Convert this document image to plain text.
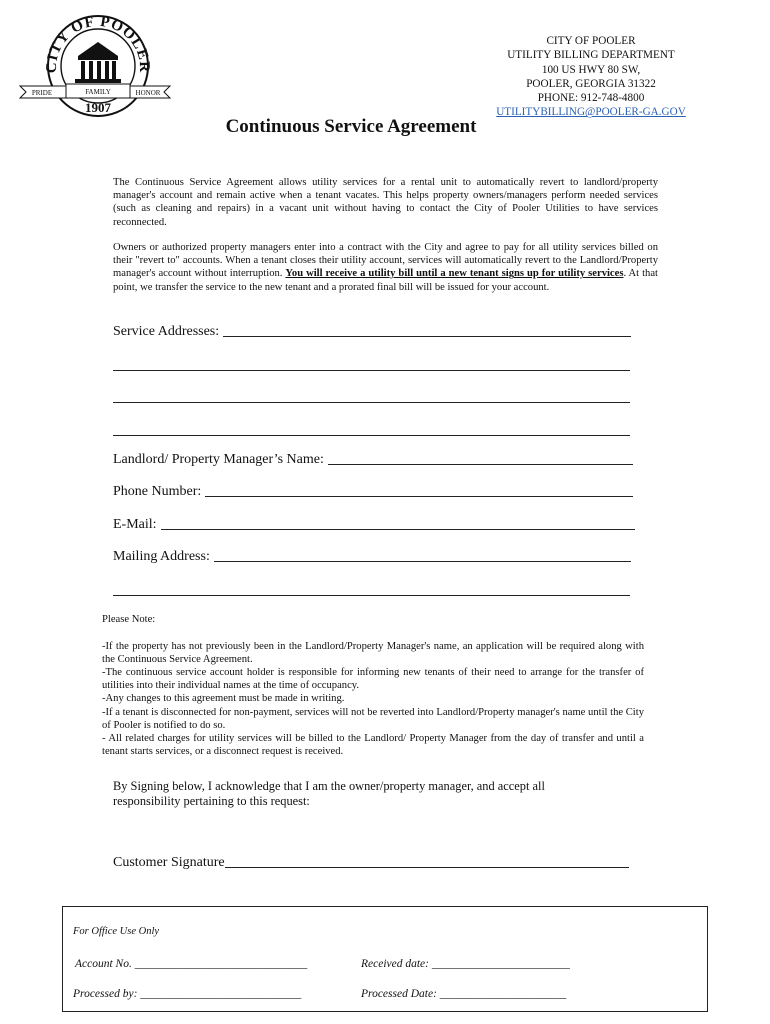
CITY OF POOLER
PRIDE	FAMILY	HONOR
1907
CITY OF POOLER
UTILITY BILLING DEPARTMENT
100 US HWY 80 SW,
POOLER, GEORGIA 31322
PHONE: 912-748-4800
UTILITYBILLING@POOLER-GA.GOV
Continuous Service Agreement
The Continuous Service Agreement allows utility services for a rental unit to automatically revert to landlord/property manager's account and remain active when a tenant vacates. This helps property owners/managers perform needed services (such as cleaning and repairs) in a vacant unit without having to contact the City of Pooler Utilities to have services reconnected.
Owners or authorized property managers enter into a contract with the City and agree to pay for all utility services billed on their "revert to" accounts. When a tenant closes their utility account, services will automatically revert to the Landlord/Property manager's account without interruption. You will receive a utility bill until a new tenant signs up for utility services. At that point, we transfer the service to the new tenant and a prorated final bill will be issued for your account.
Service Addresses:
Landlord/ Property Manager’s Name:
Phone Number:
E-Mail:
Mailing Address:
Please Note:
-If the property has not previously been in the Landlord/Property Manager's name, an application will be required along with the Continuous Service Agreement.
-The continuous service account holder is responsible for informing new tenants of their need to arrange for the transfer of utilities into their individual names at the time of occupancy.
-Any changes to this agreement must be made in writing.
-If a tenant is disconnected for non-payment, services will not be reverted into Landlord/Property manager's name until the City of Pooler is notified to do so.
- All related charges for utility services will be billed to the Landlord/ Property Manager from the day of transfer and until a tenant starts services, or a disconnect request is received.
By Signing below, I acknowledge that I am the owner/property manager, and accept all responsibility pertaining to this request:
Customer Signature
For Office Use Only
Account No. ______________________________	Received date: ________________________
Processed by: ____________________________	Processed Date: ______________________
